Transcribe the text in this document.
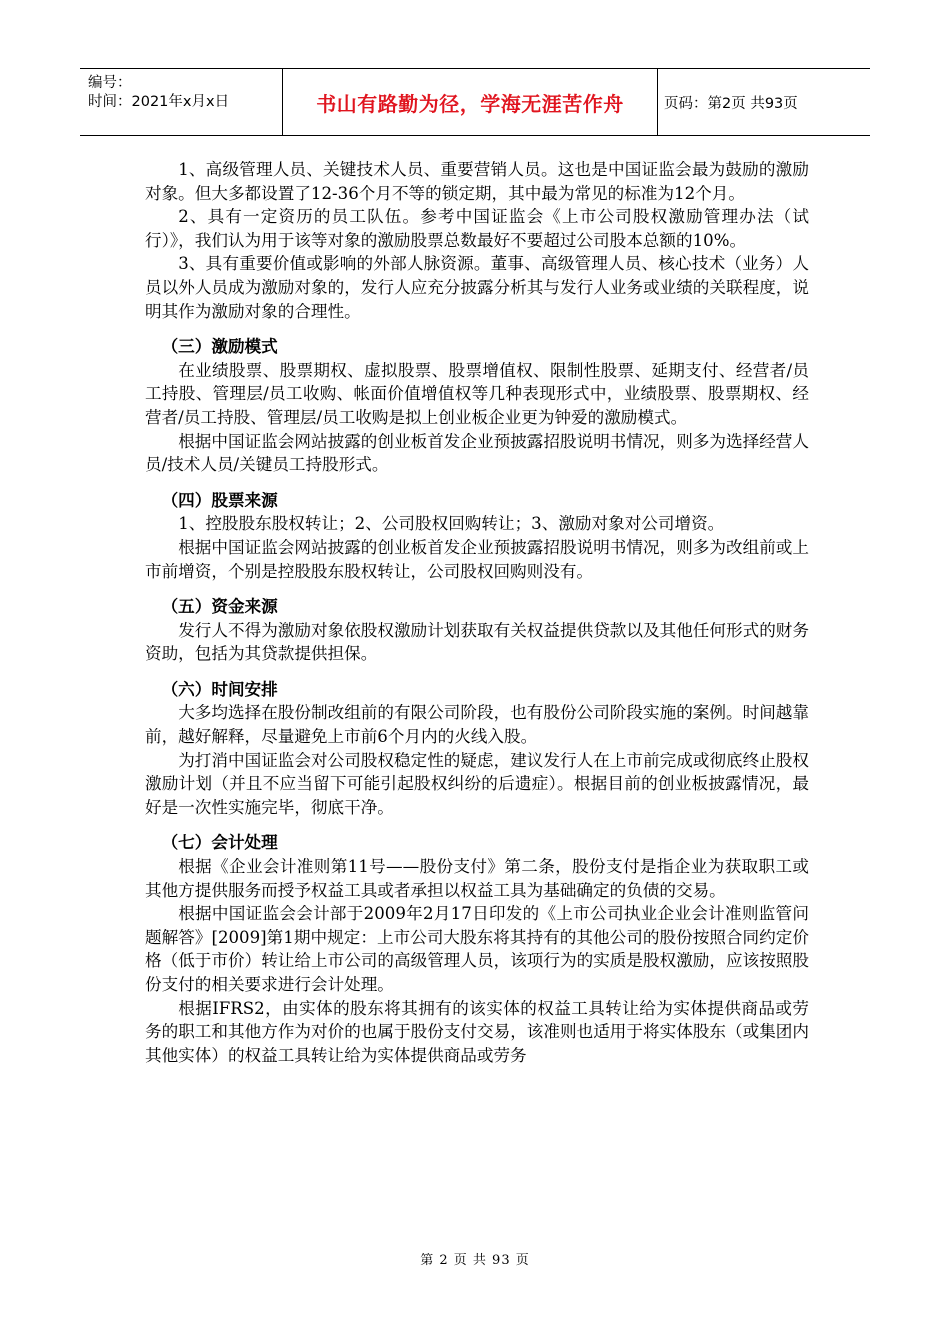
编号：
时间：2021年x月x日	书山有路勤为径，学海无涯苦作舟	页码：第2页 共93页

1、高级管理人员、关键技术人员、重要营销人员。这也是中国证监会最为鼓励的激励对象。但大多都设置了12-36个月不等的锁定期，其中最为常见的标准为12个月。

2、具有一定资历的员工队伍。参考中国证监会《上市公司股权激励管理办法（试行）》，我们认为用于该等对象的激励股票总数最好不要超过公司股本总额的10%。

3、具有重要价值或影响的外部人脉资源。董事、高级管理人员、核心技术（业务）人员以外人员成为激励对象的，发行人应充分披露分析其与发行人业务或业绩的关联程度，说明其作为激励对象的合理性。

（三）激励模式

在业绩股票、股票期权、虚拟股票、股票增值权、限制性股票、延期支付、经营者/员工持股、管理层/员工收购、帐面价值增值权等几种表现形式中，业绩股票、股票期权、经营者/员工持股、管理层/员工收购是拟上创业板企业更为钟爱的激励模式。

根据中国证监会网站披露的创业板首发企业预披露招股说明书情况，则多为选择经营人员/技术人员/关键员工持股形式。

（四）股票来源

1、控股股东股权转让；2、公司股权回购转让；3、激励对象对公司增资。

根据中国证监会网站披露的创业板首发企业预披露招股说明书情况，则多为改组前或上市前增资，个别是控股股东股权转让，公司股权回购则没有。

（五）资金来源

发行人不得为激励对象依股权激励计划获取有关权益提供贷款以及其他任何形式的财务资助，包括为其贷款提供担保。

（六）时间安排

大多均选择在股份制改组前的有限公司阶段，也有股份公司阶段实施的案例。时间越靠前，越好解释，尽量避免上市前6个月内的火线入股。

为打消中国证监会对公司股权稳定性的疑虑，建议发行人在上市前完成或彻底终止股权激励计划（并且不应当留下可能引起股权纠纷的后遗症）。根据目前的创业板披露情况，最好是一次性实施完毕，彻底干净。

（七）会计处理

根据《企业会计准则第11号——股份支付》第二条，股份支付是指企业为获取职工或其他方提供服务而授予权益工具或者承担以权益工具为基础确定的负债的交易。

根据中国证监会会计部于2009年2月17日印发的《上市公司执业企业会计准则监管问题解答》[2009]第1期中规定：上市公司大股东将其持有的其他公司的股份按照合同约定价格（低于市价）转让给上市公司的高级管理人员，该项行为的实质是股权激励，应该按照股份支付的相关要求进行会计处理。

根据IFRS2，由实体的股东将其拥有的该实体的权益工具转让给为实体提供商品或劳务的职工和其他方作为对价的也属于股份支付交易，该准则也适用于将实体股东（或集团内其他实体）的权益工具转让给为实体提供商品或劳务

第 2 页 共 93 页
